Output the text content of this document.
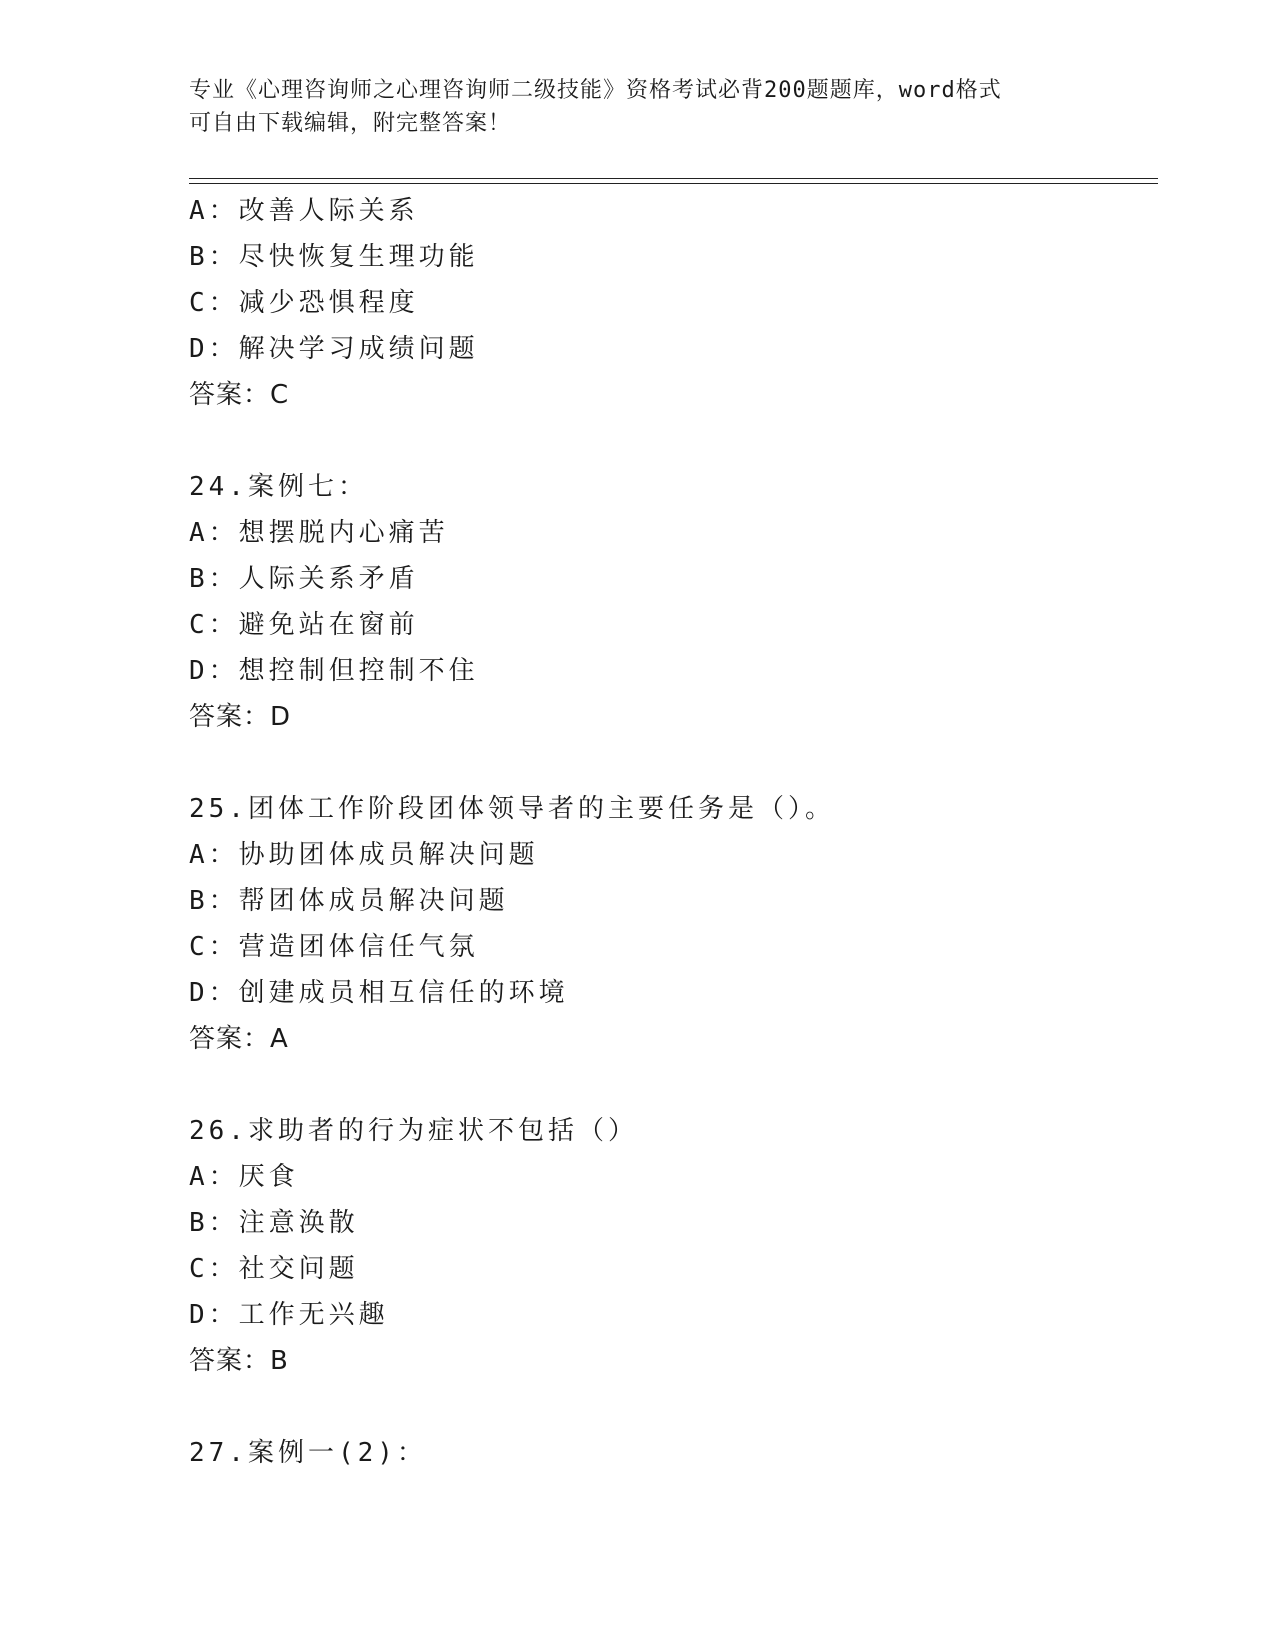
专业《心理咨询师之心理咨询师二级技能》资格考试必背200题题库，word格式
可自由下载编辑，附完整答案！
A：改善人际关系
B：尽快恢复生理功能
C：减少恐惧程度
D：解决学习成绩问题
答案：C
24.案例七：
A：想摆脱内心痛苦
B：人际关系矛盾
C：避免站在窗前
D：想控制但控制不住
答案：D
25.团体工作阶段团体领导者的主要任务是（）。
A：协助团体成员解决问题
B：帮团体成员解决问题
C：营造团体信任气氛
D：创建成员相互信任的环境
答案：A
26.求助者的行为症状不包括（）
A：厌食
B：注意涣散
C：社交问题
D：工作无兴趣
答案：B
27.案例一(2)：
